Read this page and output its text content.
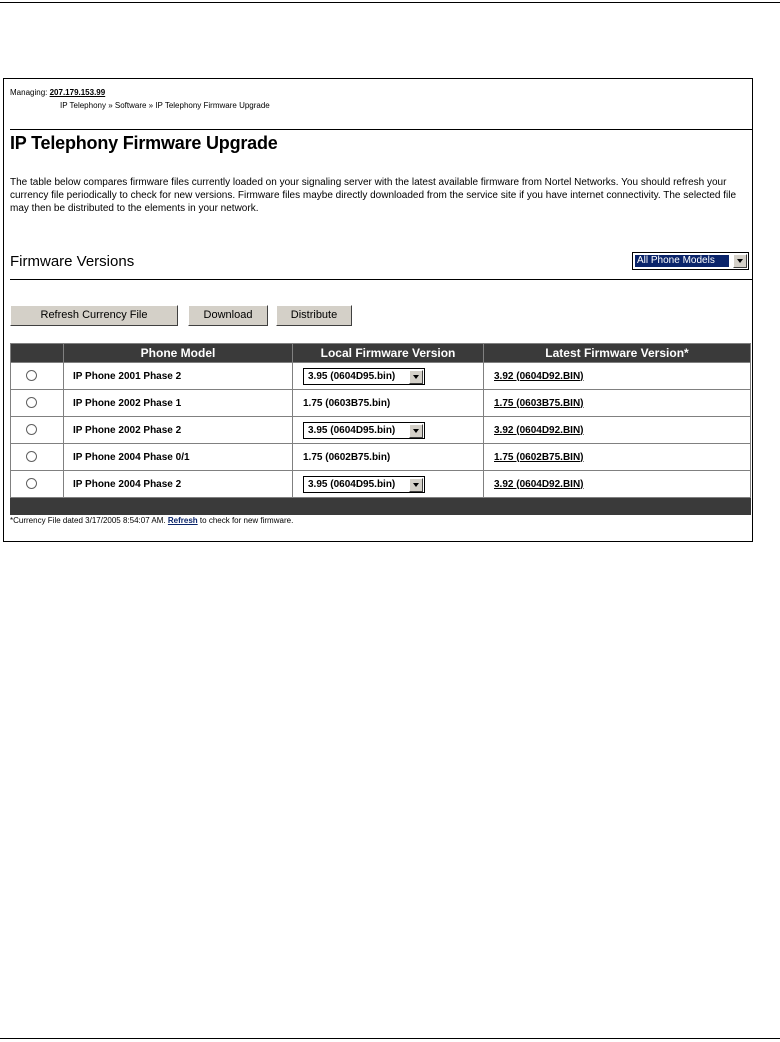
Managing: 207.179.153.99
IP Telephony » Software » IP Telephony Firmware Upgrade
IP Telephony Firmware Upgrade
The table below compares firmware files currently loaded on your signaling server with the latest available firmware from Nortel Networks. You should refresh your currency file periodically to check for new versions. Firmware files maybe directly downloaded from the service site if you have internet connectivity. The selected file may then be distributed to the elements in your network.
Firmware Versions	All Phone Models
Refresh Currency File	Download	Distribute
	Phone Model	Local Firmware Version	Latest Firmware Version*
	IP Phone 2001 Phase 2	3.95 (0604D95.bin)	3.92 (0604D92.BIN)
	IP Phone 2002 Phase 1	1.75 (0603B75.bin)	1.75 (0603B75.BIN)
	IP Phone 2002 Phase 2	3.95 (0604D95.bin)	3.92 (0604D92.BIN)
	IP Phone 2004 Phase 0/1	1.75 (0602B75.bin)	1.75 (0602B75.BIN)
	IP Phone 2004 Phase 2	3.95 (0604D95.bin)	3.92 (0604D92.BIN)

*Currency File dated 3/17/2005 8:54:07 AM. Refresh to check for new firmware.
